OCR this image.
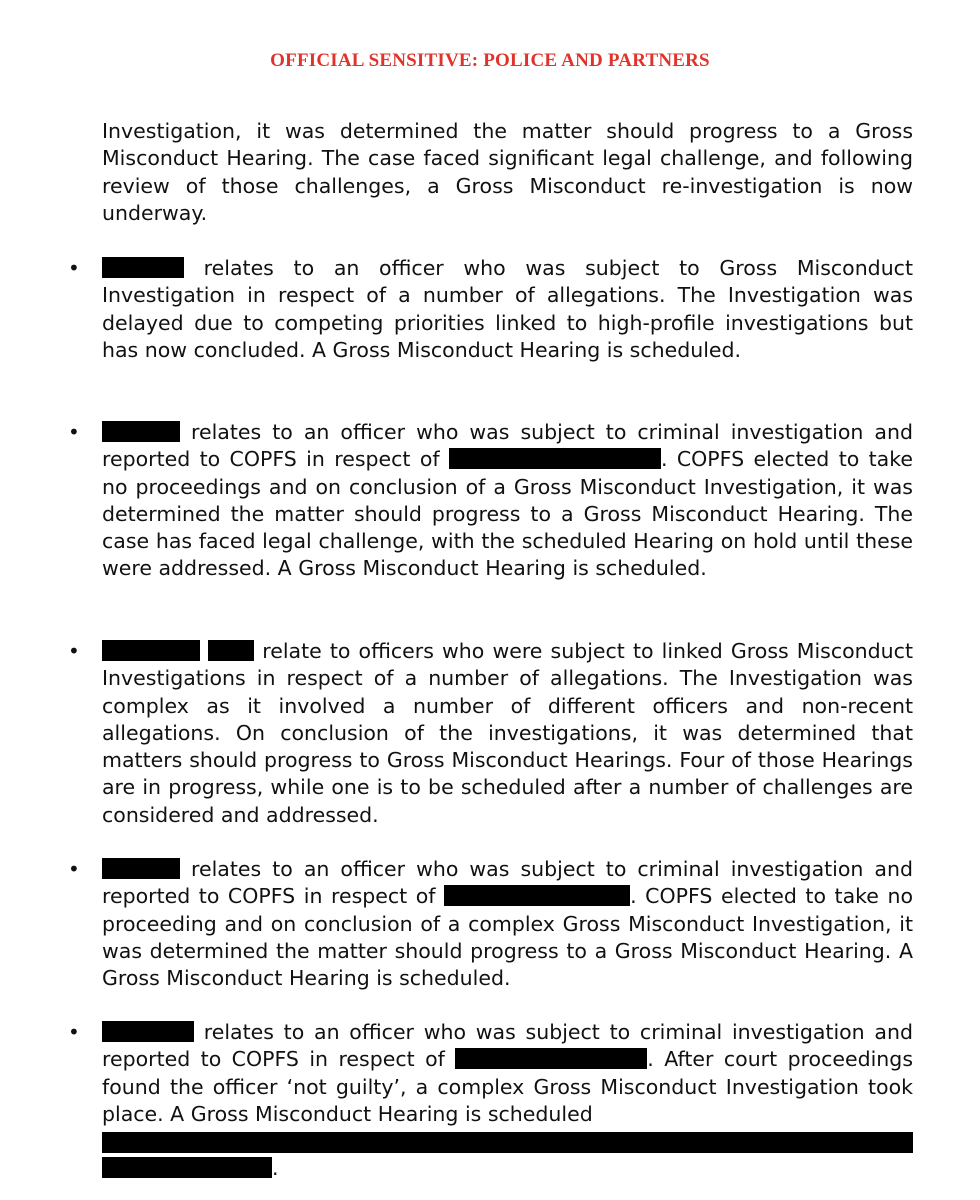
OFFICIAL SENSITIVE: POLICE AND PARTNERS

Investigation, it was determined the matter should progress to a Gross Misconduct Hearing. The case faced significant legal challenge, and following review of those challenges, a Gross Misconduct re-investigation is now underway.

•	relates to an officer who was subject to Gross Misconduct Investigation in respect of a number of allegations. The Investigation was delayed due to competing priorities linked to high-profile investigations but has now concluded. A Gross Misconduct Hearing is scheduled.

•	relates to an officer who was subject to criminal investigation and reported to COPFS in respect of	. COPFS elected to take no proceedings and on conclusion of a Gross Misconduct Investigation, it was determined the matter should progress to a Gross Misconduct Hearing. The case has faced legal challenge, with the scheduled Hearing on hold until these were addressed. A Gross Misconduct Hearing is scheduled.

•	relate to officers who were subject to linked Gross Misconduct Investigations in respect of a number of allegations. The Investigation was complex as it involved a number of different officers and non-recent allegations. On conclusion of the investigations, it was determined that matters should progress to Gross Misconduct Hearings. Four of those Hearings are in progress, while one is to be scheduled after a number of challenges are considered and addressed.

•	relates to an officer who was subject to criminal investigation and reported to COPFS in respect of	. COPFS elected to take no proceeding and on conclusion of a complex Gross Misconduct Investigation, it was determined the matter should progress to a Gross Misconduct Hearing. A Gross Misconduct Hearing is scheduled.

•	relates to an officer who was subject to criminal investigation and reported to COPFS in respect of	. After court proceedings found the officer ‘not guilty’, a complex Gross Misconduct Investigation took place. A Gross Misconduct Hearing is scheduled
.
